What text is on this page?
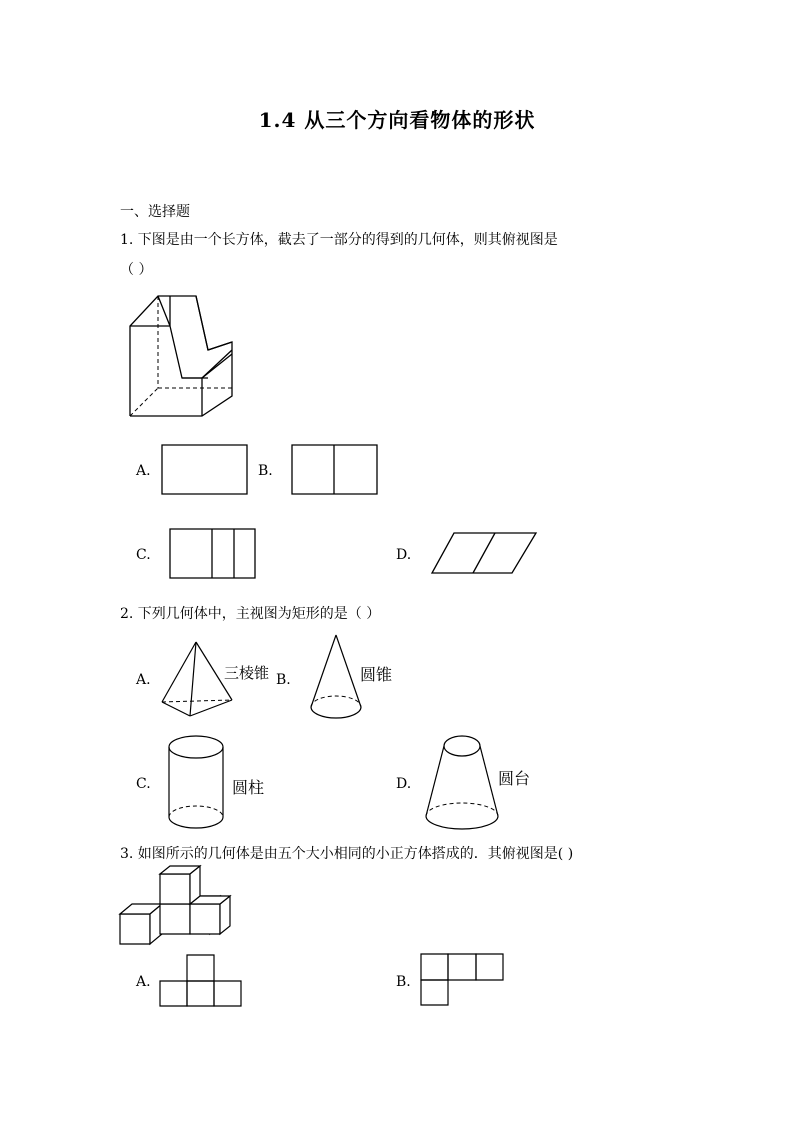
1.4 从三个方向看物体的形状
一、选择题
1. 下图是由一个长方体，截去了一部分的得到的几何体，则其俯视图是
（ ）
A.	B.
C.	D.
2. 下列几何体中，主视图为矩形的是（ ）
A.	三棱锥 B.	圆锥
C.	圆柱	D.	圆台
3. 如图所示的几何体是由五个大小相同的小正方体搭成的．其俯视图是( )
A.	B.
